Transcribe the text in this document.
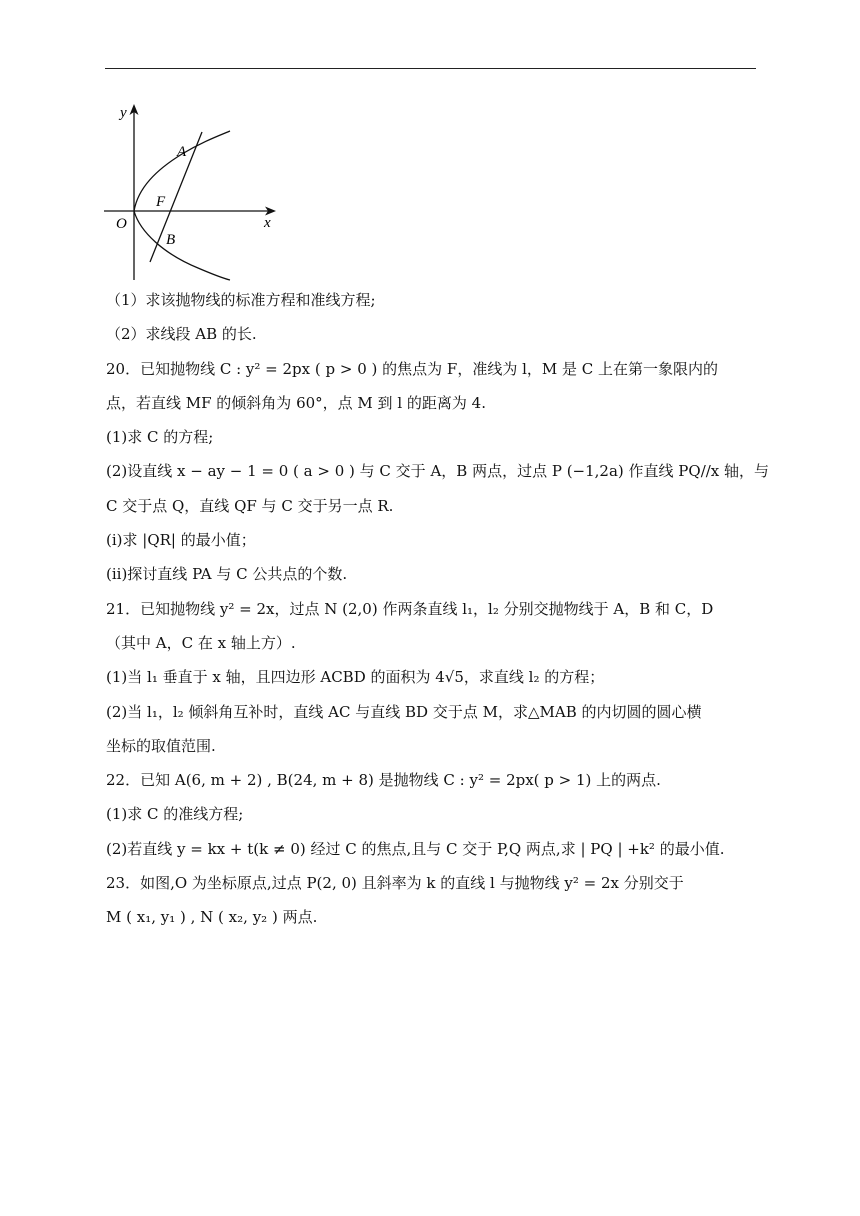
y
x
O
A
F
B
（1）求该抛物线的标准方程和准线方程;
（2）求线段 AB 的长.
20．已知抛物线 C : y² = 2px ( p > 0 ) 的焦点为 F，准线为 l，M 是 C 上在第一象限内的
点，若直线 MF 的倾斜角为 60°，点 M 到 l 的距离为 4.
(1)求 C 的方程;
(2)设直线 x − ay − 1 = 0 ( a > 0 ) 与 C 交于 A，B 两点，过点 P (−1,2a) 作直线 PQ//x 轴，与
C 交于点 Q，直线 QF 与 C 交于另一点 R.
(i)求 |QR| 的最小值；
(ii)探讨直线 PA 与 C 公共点的个数.
21．已知抛物线 y² = 2x，过点 N (2,0) 作两条直线 l₁，l₂ 分别交抛物线于 A，B 和 C，D
（其中 A，C 在 x 轴上方）.
(1)当 l₁ 垂直于 x 轴，且四边形 ACBD 的面积为 4√5，求直线 l₂ 的方程；
(2)当 l₁，l₂ 倾斜角互补时，直线 AC 与直线 BD 交于点 M，求△MAB 的内切圆的圆心横
坐标的取值范围.
22．已知 A(6, m + 2) , B(24, m + 8) 是抛物线 C : y² = 2px( p > 1) 上的两点.
(1)求 C 的准线方程;
(2)若直线 y = kx + t(k ≠ 0) 经过 C 的焦点,且与 C 交于 P,Q 两点,求 | PQ | +k² 的最小值.
23．如图,O 为坐标原点,过点 P(2, 0) 且斜率为 k 的直线 l 与抛物线 y² = 2x 分别交于
M ( x₁, y₁ ) , N ( x₂, y₂ ) 两点.
